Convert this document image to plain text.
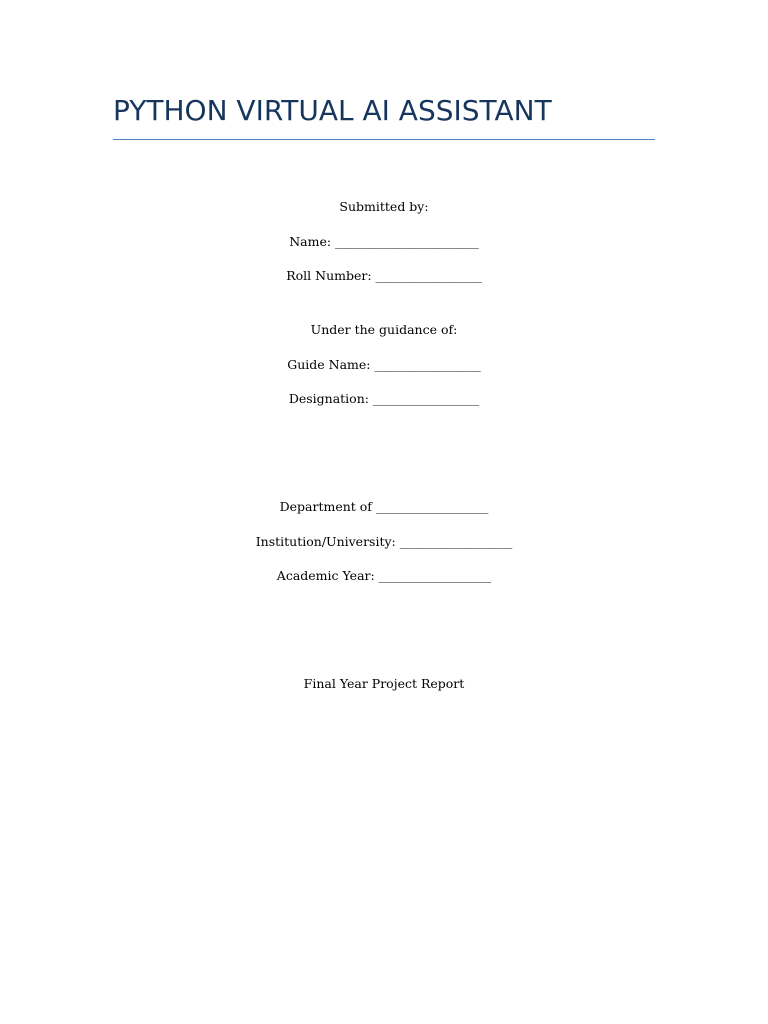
PYTHON VIRTUAL AI ASSISTANT
Submitted by:
Name: _______________________
Roll Number: _________________
Under the guidance of:
Guide Name: _________________
Designation: _________________
Department of __________________
Institution/University: __________________
Academic Year: __________________
Final Year Project Report
